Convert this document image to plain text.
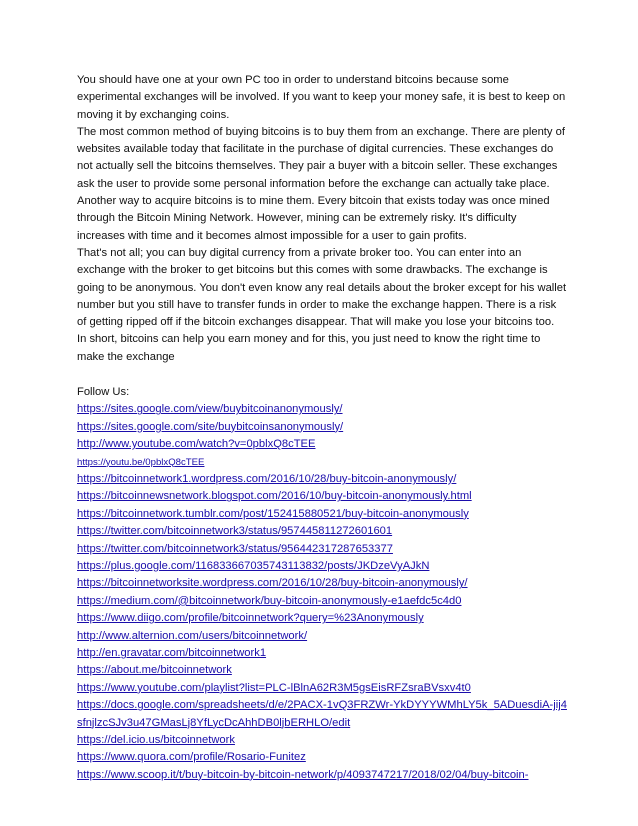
You should have one at your own PC too in order to understand bitcoins because some experimental exchanges will be involved. If you want to keep your money safe, it is best to keep on moving it by exchanging coins.

The most common method of buying bitcoins is to buy them from an exchange. There are plenty of websites available today that facilitate in the purchase of digital currencies. These exchanges do not actually sell the bitcoins themselves. They pair a buyer with a bitcoin seller. These exchanges ask the user to provide some personal information before the exchange can actually take place.

Another way to acquire bitcoins is to mine them. Every bitcoin that exists today was once mined through the Bitcoin Mining Network. However, mining can be extremely risky. It's difficulty increases with time and it becomes almost impossible for a user to gain profits.

That's not all; you can buy digital currency from a private broker too. You can enter into an exchange with the broker to get bitcoins but this comes with some drawbacks. The exchange is going to be anonymous. You don't even know any real details about the broker except for his wallet number but you still have to transfer funds in order to make the exchange happen. There is a risk of getting ripped off if the bitcoin exchanges disappear. That will make you lose your bitcoins too.

In short, bitcoins can help you earn money and for this, you just need to know the right time to make the exchange

Follow Us:
https://sites.google.com/view/buybitcoinanonymously/
https://sites.google.com/site/buybitcoinsanonymously/
http://www.youtube.com/watch?v=0pblxQ8cTEE
https://youtu.be/0pblxQ8cTEE
https://bitcoinnetwork1.wordpress.com/2016/10/28/buy-bitcoin-anonymously/
https://bitcoinnewsnetwork.blogspot.com/2016/10/buy-bitcoin-anonymously.html
https://bitcoinnetwork.tumblr.com/post/152415880521/buy-bitcoin-anonymously
https://twitter.com/bitcoinnetwork3/status/957445811272601601
https://twitter.com/bitcoinnetwork3/status/956442317287653377
https://plus.google.com/116833667035743113832/posts/JKDzeVyAJkN
https://bitcoinnetworksite.wordpress.com/2016/10/28/buy-bitcoin-anonymously/
https://medium.com/@bitcoinnetwork/buy-bitcoin-anonymously-e1aefdc5c4d0
https://www.diigo.com/profile/bitcoinnetwork?query=%23Anonymously
http://www.alternion.com/users/bitcoinnetwork/
http://en.gravatar.com/bitcoinnetwork1
https://about.me/bitcoinnetwork
https://www.youtube.com/playlist?list=PLC-lBlnA62R3M5gsEisRFZsraBVsxv4t0
https://docs.google.com/spreadsheets/d/e/2PACX-1vQ3FRZWr-YkDYYYWMhLY5k_5ADuesdiA-jij4sfnjlzcSJv3u47GMasLj8YfLycDcAhhDB0ljbERHLO/edit
https://del.icio.us/bitcoinnetwork
https://www.quora.com/profile/Rosario-Funitez
https://www.scoop.it/t/buy-bitcoin-by-bitcoin-network/p/4093747217/2018/02/04/buy-bitcoin-
